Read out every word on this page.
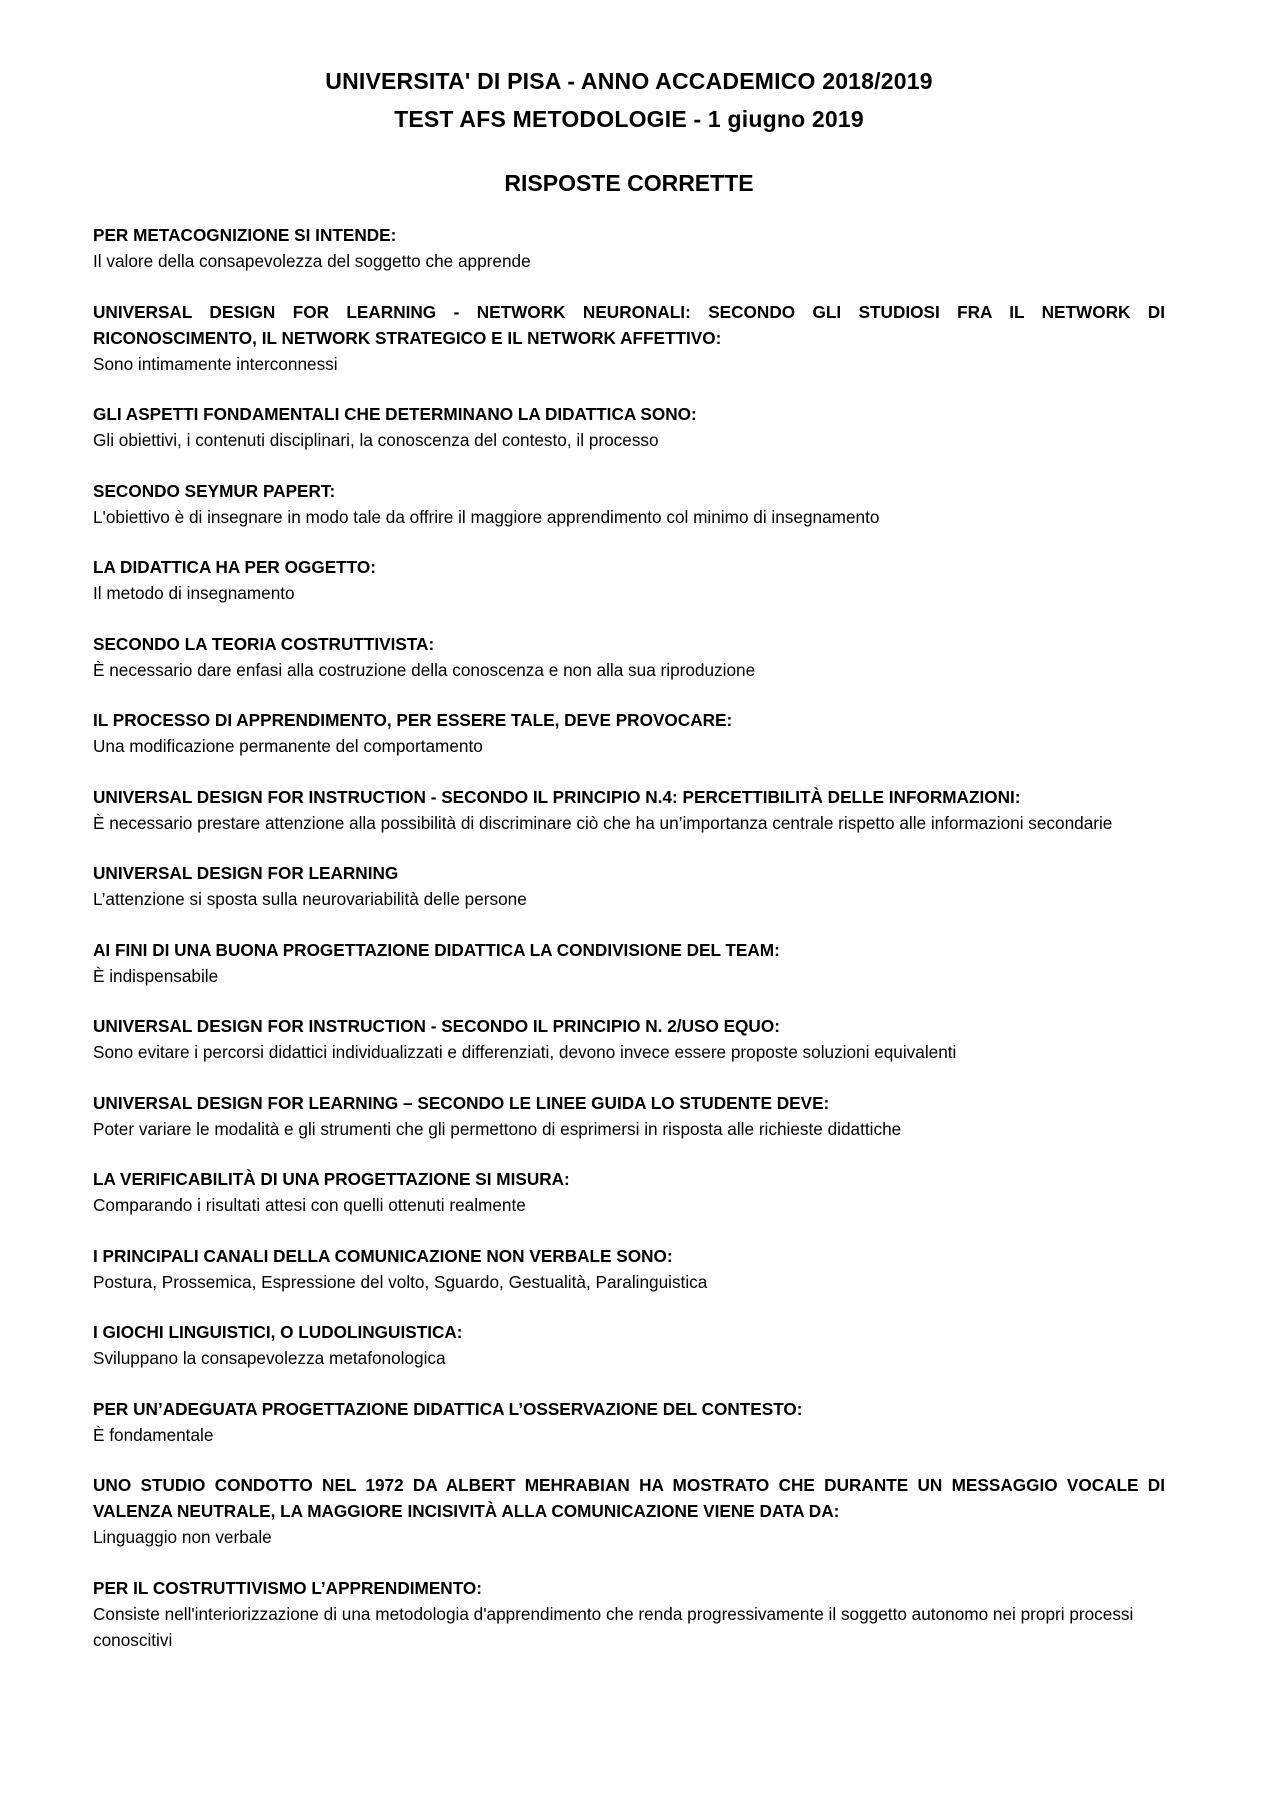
UNIVERSITA' DI PISA - ANNO ACCADEMICO 2018/2019
TEST AFS METODOLOGIE - 1 giugno 2019
RISPOSTE CORRETTE
PER METACOGNIZIONE SI INTENDE:
Il valore della consapevolezza del soggetto che apprende
UNIVERSAL DESIGN FOR LEARNING - NETWORK NEURONALI: SECONDO GLI STUDIOSI FRA IL NETWORK DI RICONOSCIMENTO, IL NETWORK STRATEGICO E IL NETWORK AFFETTIVO:
Sono intimamente interconnessi
GLI ASPETTI FONDAMENTALI CHE DETERMINANO LA DIDATTICA SONO:
Gli obiettivi, i contenuti disciplinari, la conoscenza del contesto, il processo
SECONDO SEYMUR PAPERT:
L'obiettivo è di insegnare in modo tale da offrire il maggiore apprendimento col minimo di insegnamento
LA DIDATTICA HA PER OGGETTO:
Il metodo di insegnamento
SECONDO LA TEORIA COSTRUTTIVISTA:
È necessario dare enfasi alla costruzione della conoscenza e non alla sua riproduzione
IL PROCESSO DI APPRENDIMENTO, PER ESSERE TALE, DEVE PROVOCARE:
Una modificazione permanente del comportamento
UNIVERSAL DESIGN FOR INSTRUCTION - SECONDO IL PRINCIPIO N.4: PERCETTIBILITÀ DELLE INFORMAZIONI:
È necessario prestare attenzione alla possibilità di discriminare ciò che ha un’importanza centrale rispetto alle informazioni secondarie
UNIVERSAL DESIGN FOR LEARNING
L’attenzione si sposta sulla neurovariabilità delle persone
AI FINI DI UNA BUONA PROGETTAZIONE DIDATTICA LA CONDIVISIONE DEL TEAM:
È indispensabile
UNIVERSAL DESIGN FOR INSTRUCTION - SECONDO IL PRINCIPIO N. 2/USO EQUO:
Sono evitare i percorsi didattici individualizzati e differenziati, devono invece essere proposte soluzioni equivalenti
UNIVERSAL DESIGN FOR LEARNING – SECONDO LE LINEE GUIDA LO STUDENTE DEVE:
Poter variare le modalità e gli strumenti che gli permettono di esprimersi in risposta alle richieste didattiche
LA VERIFICABILITÀ DI UNA PROGETTAZIONE SI MISURA:
Comparando i risultati attesi con quelli ottenuti realmente
I PRINCIPALI CANALI DELLA COMUNICAZIONE NON VERBALE SONO:
Postura, Prossemica, Espressione del volto, Sguardo, Gestualità, Paralinguistica
I GIOCHI LINGUISTICI, O LUDOLINGUISTICA:
Sviluppano la consapevolezza metafonologica
PER UN’ADEGUATA PROGETTAZIONE DIDATTICA L’OSSERVAZIONE DEL CONTESTO:
È fondamentale
UNO STUDIO CONDOTTO NEL 1972 DA ALBERT MEHRABIAN HA MOSTRATO CHE DURANTE UN MESSAGGIO VOCALE DI VALENZA NEUTRALE, LA MAGGIORE INCISIVITÀ ALLA COMUNICAZIONE VIENE DATA DA:
Linguaggio non verbale
PER IL COSTRUTTIVISMO L’APPRENDIMENTO:
Consiste nell'interiorizzazione di una metodologia d'apprendimento che renda progressivamente il soggetto autonomo nei propri processi conoscitivi
